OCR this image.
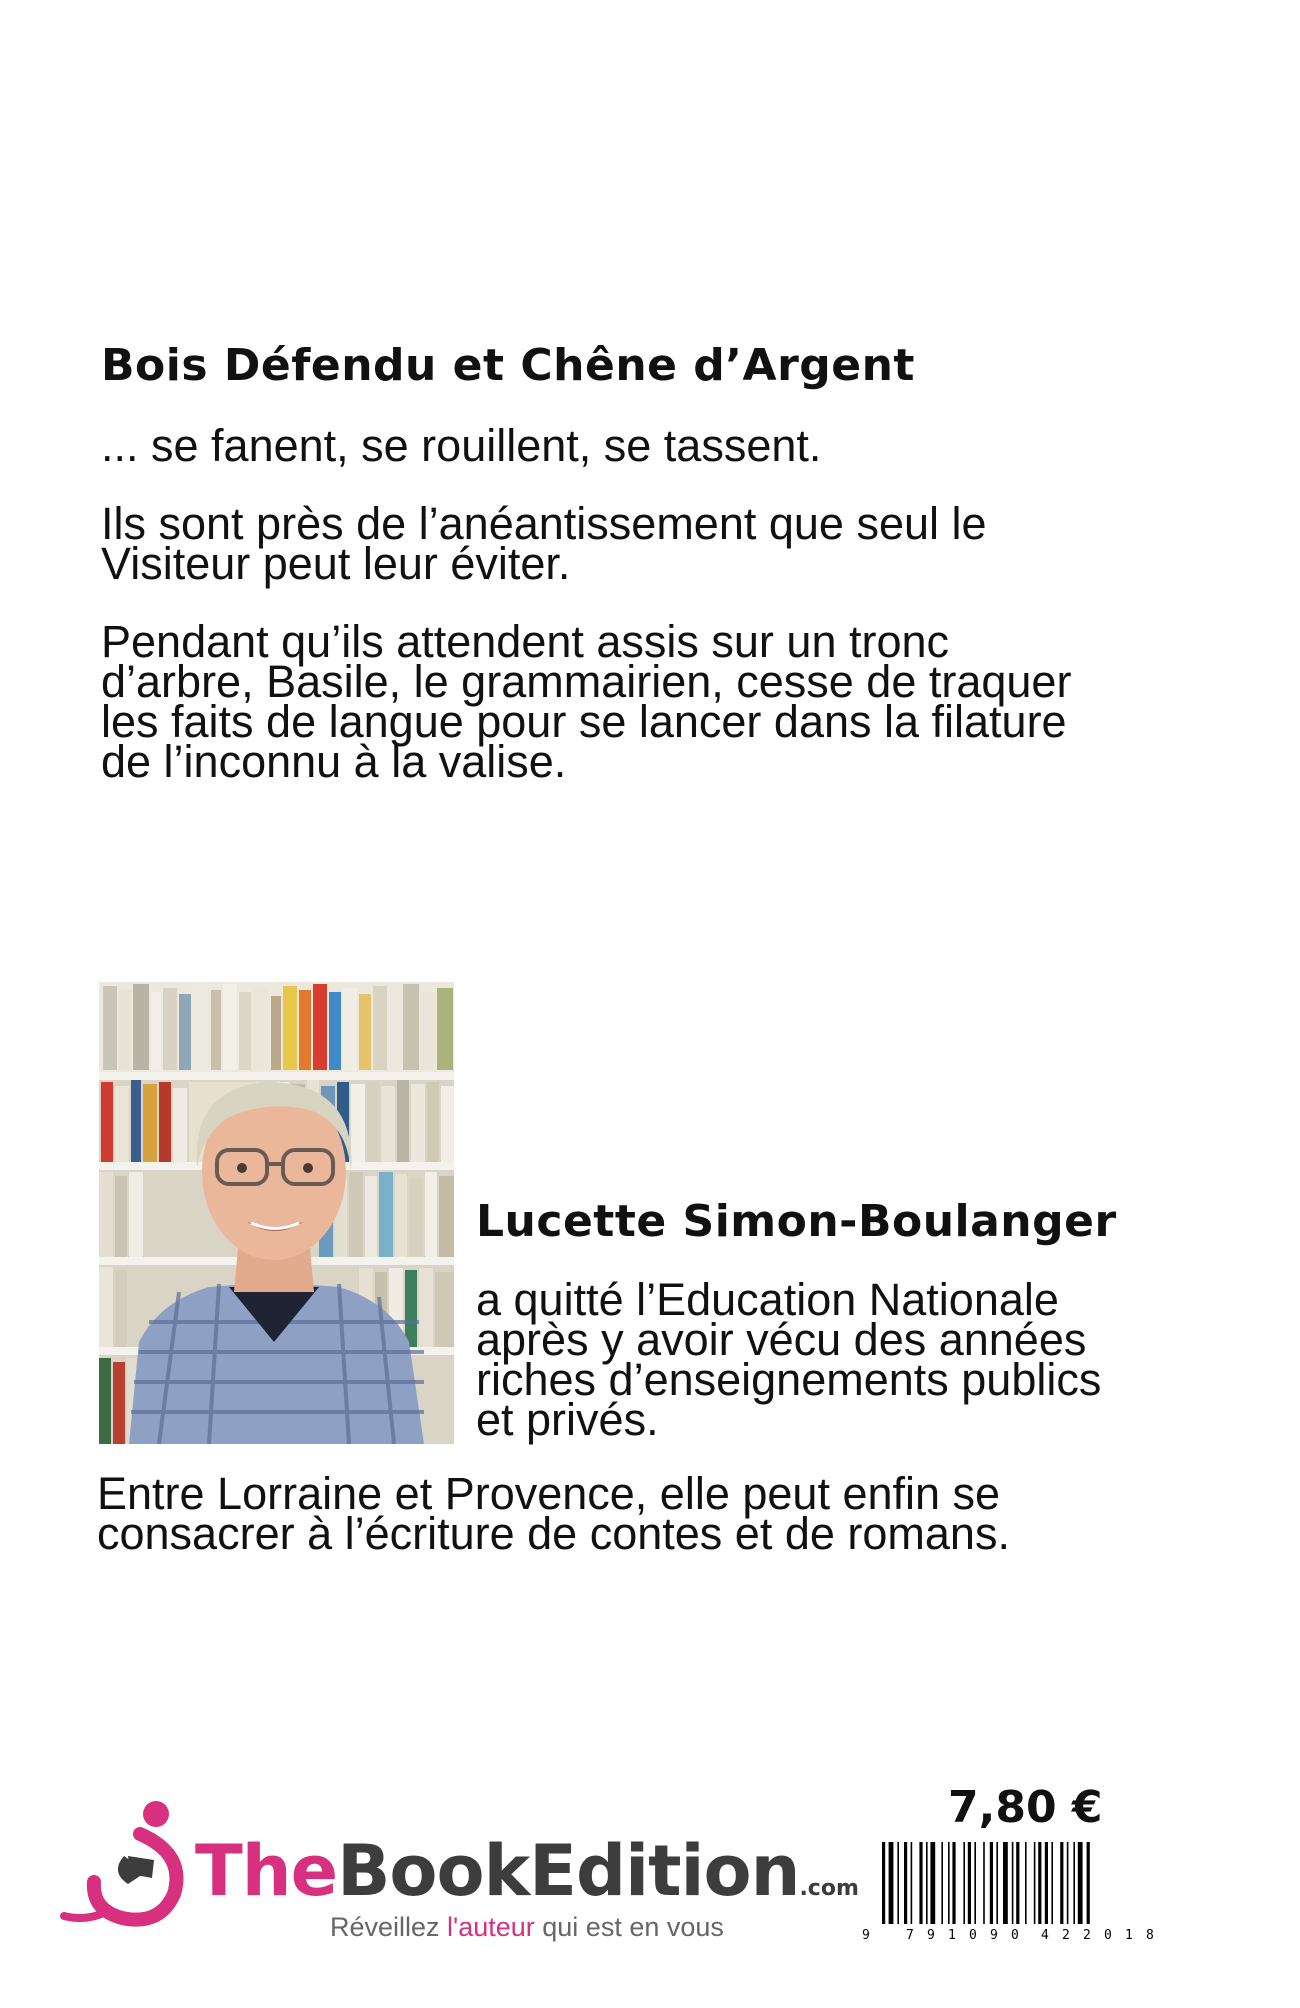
Bois Défendu et Chêne d’Argent

... se fanent, se rouillent, se tassent.

Ils sont près de l’anéantissement que seul le
Visiteur peut leur éviter.

Pendant qu’ils attendent assis sur un tronc
d’arbre, Basile, le grammairien, cesse de traquer
les faits de langue pour se lancer dans la filature
de l’inconnu à la valise.

Lucette Simon-Boulanger

a quitté l’Education Nationale
après y avoir vécu des années
riches d’enseignements publics
et privés.

Entre Lorraine et Provence, elle peut enfin se
consacrer à l’écriture de contes et de romans.

7,80 €
9	7 9 1 0 9 0 4 2 2 0 1 8
TheBookEdition.com
Réveillez l'auteur qui est en vous
